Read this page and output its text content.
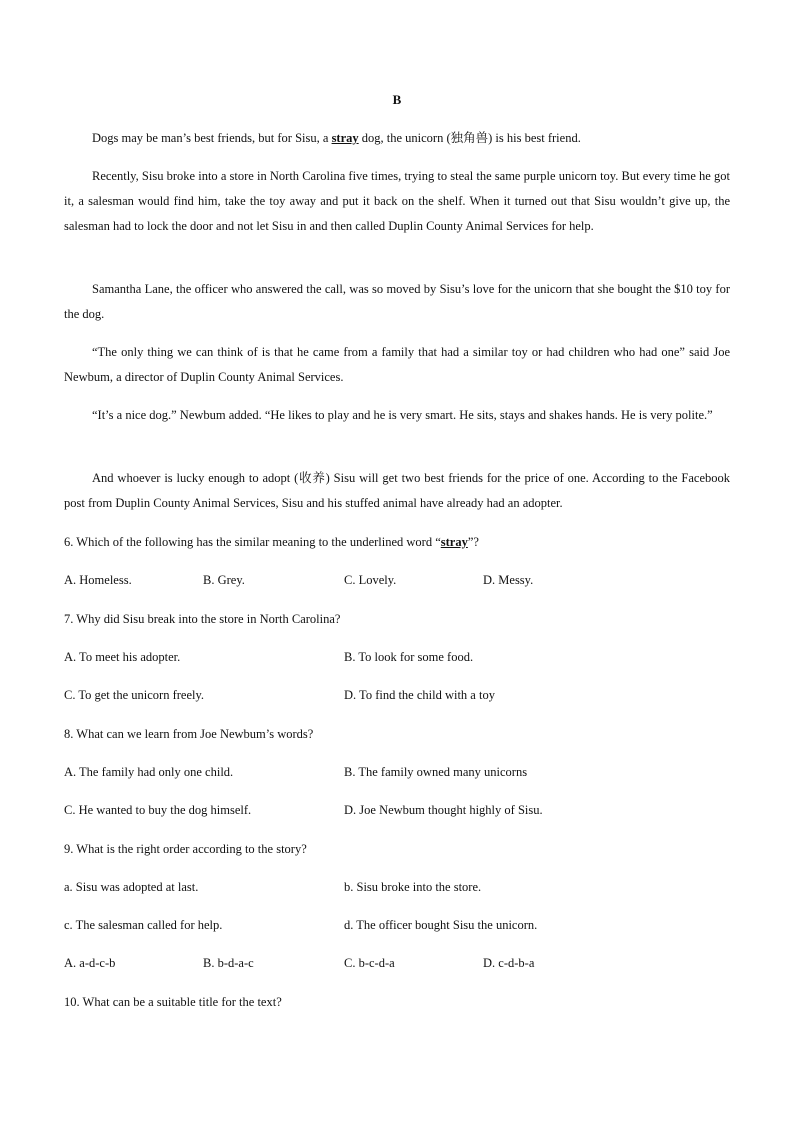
B
Dogs may be man’s best friends, but for Sisu, a stray dog, the unicorn (独角兽) is his best friend.
Recently, Sisu broke into a store in North Carolina five times, trying to steal the same purple unicorn toy. But every time he got it, a salesman would find him, take the toy away and put it back on the shelf. When it turned out that Sisu wouldn’t give up, the salesman had to lock the door and not let Sisu in and then called Duplin County Animal Services for help.
Samantha Lane, the officer who answered the call, was so moved by Sisu’s love for the unicorn that she bought the $10 toy for the dog.
“The only thing we can think of is that he came from a family that had a similar toy or had children who had one” said Joe Newbum, a director of Duplin County Animal Services.
“It’s a nice dog.” Newbum added. “He likes to play and he is very smart. He sits, stays and shakes hands. He is very polite.”
And whoever is lucky enough to adopt (收养) Sisu will get two best friends for the price of one. According to the Facebook post from Duplin County Animal Services, Sisu and his stuffed animal have already had an adopter.
6. Which of the following has the similar meaning to the underlined word “stray”?
A. Homeless.	B. Grey.	C. Lovely.	D. Messy.
7. Why did Sisu break into the store in North Carolina?
A. To meet his adopter.	B. To look for some food.
C. To get the unicorn freely.	D. To find the child with a toy
8. What can we learn from Joe Newbum’s words?
A. The family had only one child.	B. The family owned many unicorns
C. He wanted to buy the dog himself.	D. Joe Newbum thought highly of Sisu.
9. What is the right order according to the story?
a. Sisu was adopted at last.	b. Sisu broke into the store.
c. The salesman called for help.	d. The officer bought Sisu the unicorn.
A. a-d-c-b	B. b-d-a-c	C. b-c-d-a	D. c-d-b-a
10. What can be a suitable title for the text?
